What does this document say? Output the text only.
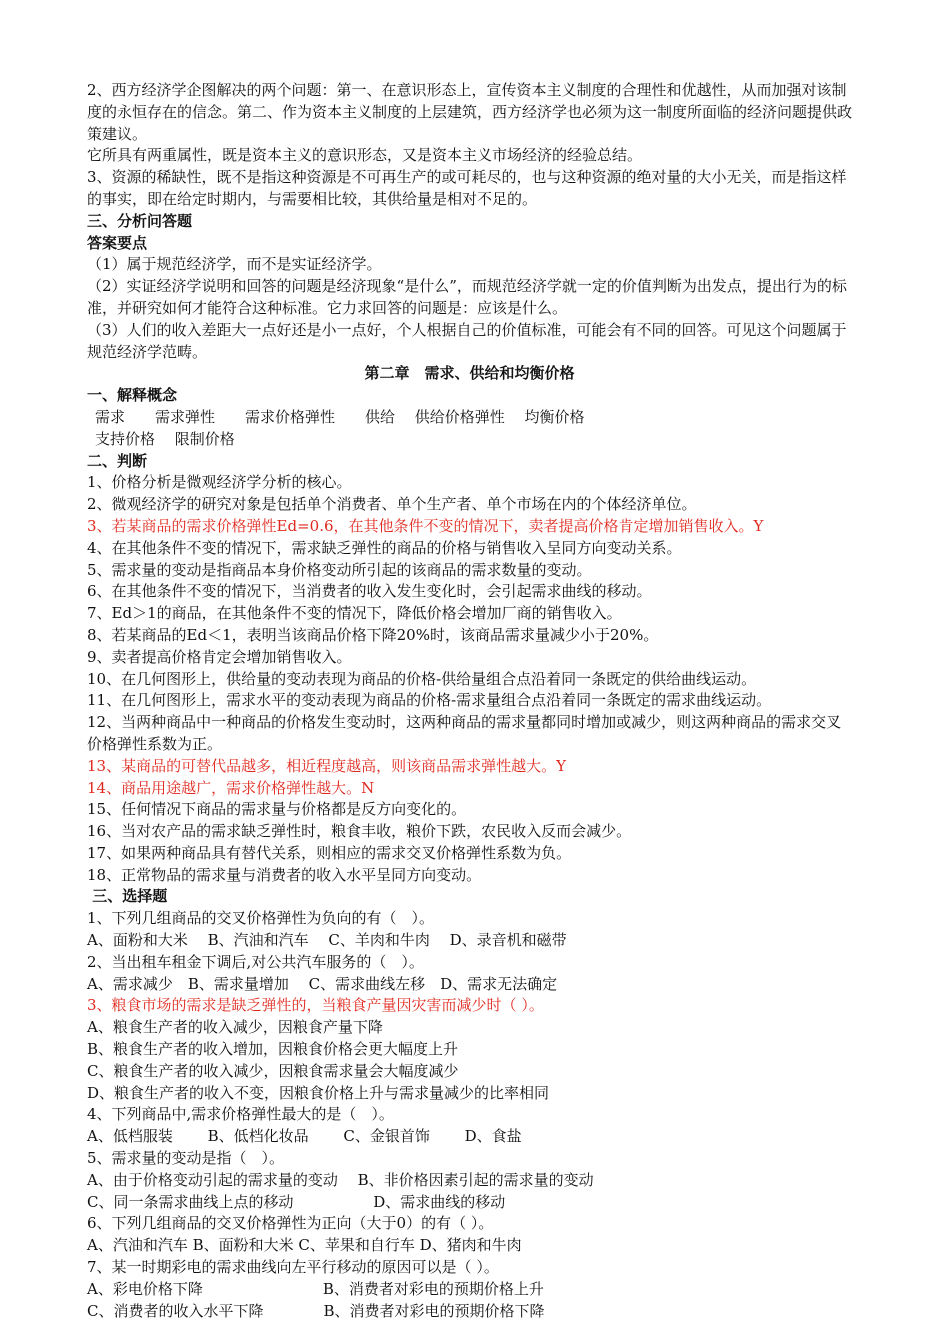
2、西方经济学企图解决的两个问题：第一、在意识形态上，宣传资本主义制度的合理性和优越性，从而加强对该制度的永恒存在的信念。第二、作为资本主义制度的上层建筑，西方经济学也必须为这一制度所面临的经济问题提供政策建议。

它所具有两重属性，既是资本主义的意识形态，又是资本主义市场经济的经验总结。

3、资源的稀缺性，既不是指这种资源是不可再生产的或可耗尽的，也与这种资源的绝对量的大小无关，而是指这样的事实，即在给定时期内，与需要相比较，其供给量是相对不足的。

三、分析问答题

答案要点

（1）属于规范经济学，而不是实证经济学。

（2）实证经济学说明和回答的问题是经济现象“是什么”，而规范经济学就一定的价值判断为出发点，提出行为的标准，并研究如何才能符合这种标准。它力求回答的问题是：应该是什么。

（3）人们的收入差距大一点好还是小一点好，个人根据自己的价值标准，可能会有不同的回答。可见这个问题属于规范经济学范畴。

第二章　需求、供给和均衡价格

一、解释概念

需求　　需求弹性　　需求价格弹性　　供给　 供给价格弹性　 均衡价格

支持价格　 限制价格

二、判断

1、价格分析是微观经济学分析的核心。

2、微观经济学的研究对象是包括单个消费者、单个生产者、单个市场在内的个体经济单位。

3、若某商品的需求价格弹性Ed=0.6，在其他条件不变的情况下，卖者提高价格肯定增加销售收入。Y

4、在其他条件不变的情况下，需求缺乏弹性的商品的价格与销售收入呈同方向变动关系。

5、需求量的变动是指商品本身价格变动所引起的该商品的需求数量的变动。

6、在其他条件不变的情况下，当消费者的收入发生变化时，会引起需求曲线的移动。

7、Ed＞1的商品，在其他条件不变的情况下，降低价格会增加厂商的销售收入。

8、若某商品的Ed＜1，表明当该商品价格下降20%时，该商品需求量减少小于20%。

9、卖者提高价格肯定会增加销售收入。

10、在几何图形上，供给量的变动表现为商品的价格-供给量组合点沿着同一条既定的供给曲线运动。

11、在几何图形上，需求水平的变动表现为商品的价格-需求量组合点沿着同一条既定的需求曲线运动。

12、当两种商品中一种商品的价格发生变动时，这两种商品的需求量都同时增加或减少，则这两种商品的需求交叉价格弹性系数为正。

13、某商品的可替代品越多，相近程度越高，则该商品需求弹性越大。Y

14、商品用途越广，需求价格弹性越大。N

15、任何情况下商品的需求量与价格都是反方向变化的。

16、当对农产品的需求缺乏弹性时，粮食丰收，粮价下跌，农民收入反而会减少。

17、如果两种商品具有替代关系，则相应的需求交叉价格弹性系数为负。

18、正常物品的需求量与消费者的收入水平呈同方向变动。

三、选择题

1、下列几组商品的交叉价格弹性为负向的有（　）。

A、面粉和大米　 B、汽油和汽车　 C、羊肉和牛肉　 D、录音机和磁带

2、当出租车租金下调后,对公共汽车服务的（　）。

A、需求减少　B、需求量增加　 C、需求曲线左移　D、需求无法确定

3、粮食市场的需求是缺乏弹性的，当粮食产量因灾害而减少时（ ）。

A、粮食生产者的收入减少，因粮食产量下降

B、粮食生产者的收入增加，因粮食价格会更大幅度上升

C、粮食生产者的收入减少，因粮食需求量会大幅度减少

D、粮食生产者的收入不变，因粮食价格上升与需求量减少的比率相同

4、下列商品中,需求价格弹性最大的是（　）。

A、低档服装　　 B、低档化妆品　　 C、金银首饰　　 D、食盐

5、需求量的变动是指（　）。

A、由于价格变动引起的需求量的变动　 B、非价格因素引起的需求量的变动

C、同一条需求曲线上点的移动　　　　　 D、需求曲线的移动

6、下列几组商品的交叉价格弹性为正向（大于0）的有（ ）。

A、汽油和汽车 B、面粉和大米 C、苹果和自行车 D、猪肉和牛肉

7、某一时期彩电的需求曲线向左平行移动的原因可以是（ ）。

A、彩电价格下降　　　　　　　　B、消费者对彩电的预期价格上升

C、消费者的收入水平下降　　　　B、消费者对彩电的预期价格下降
